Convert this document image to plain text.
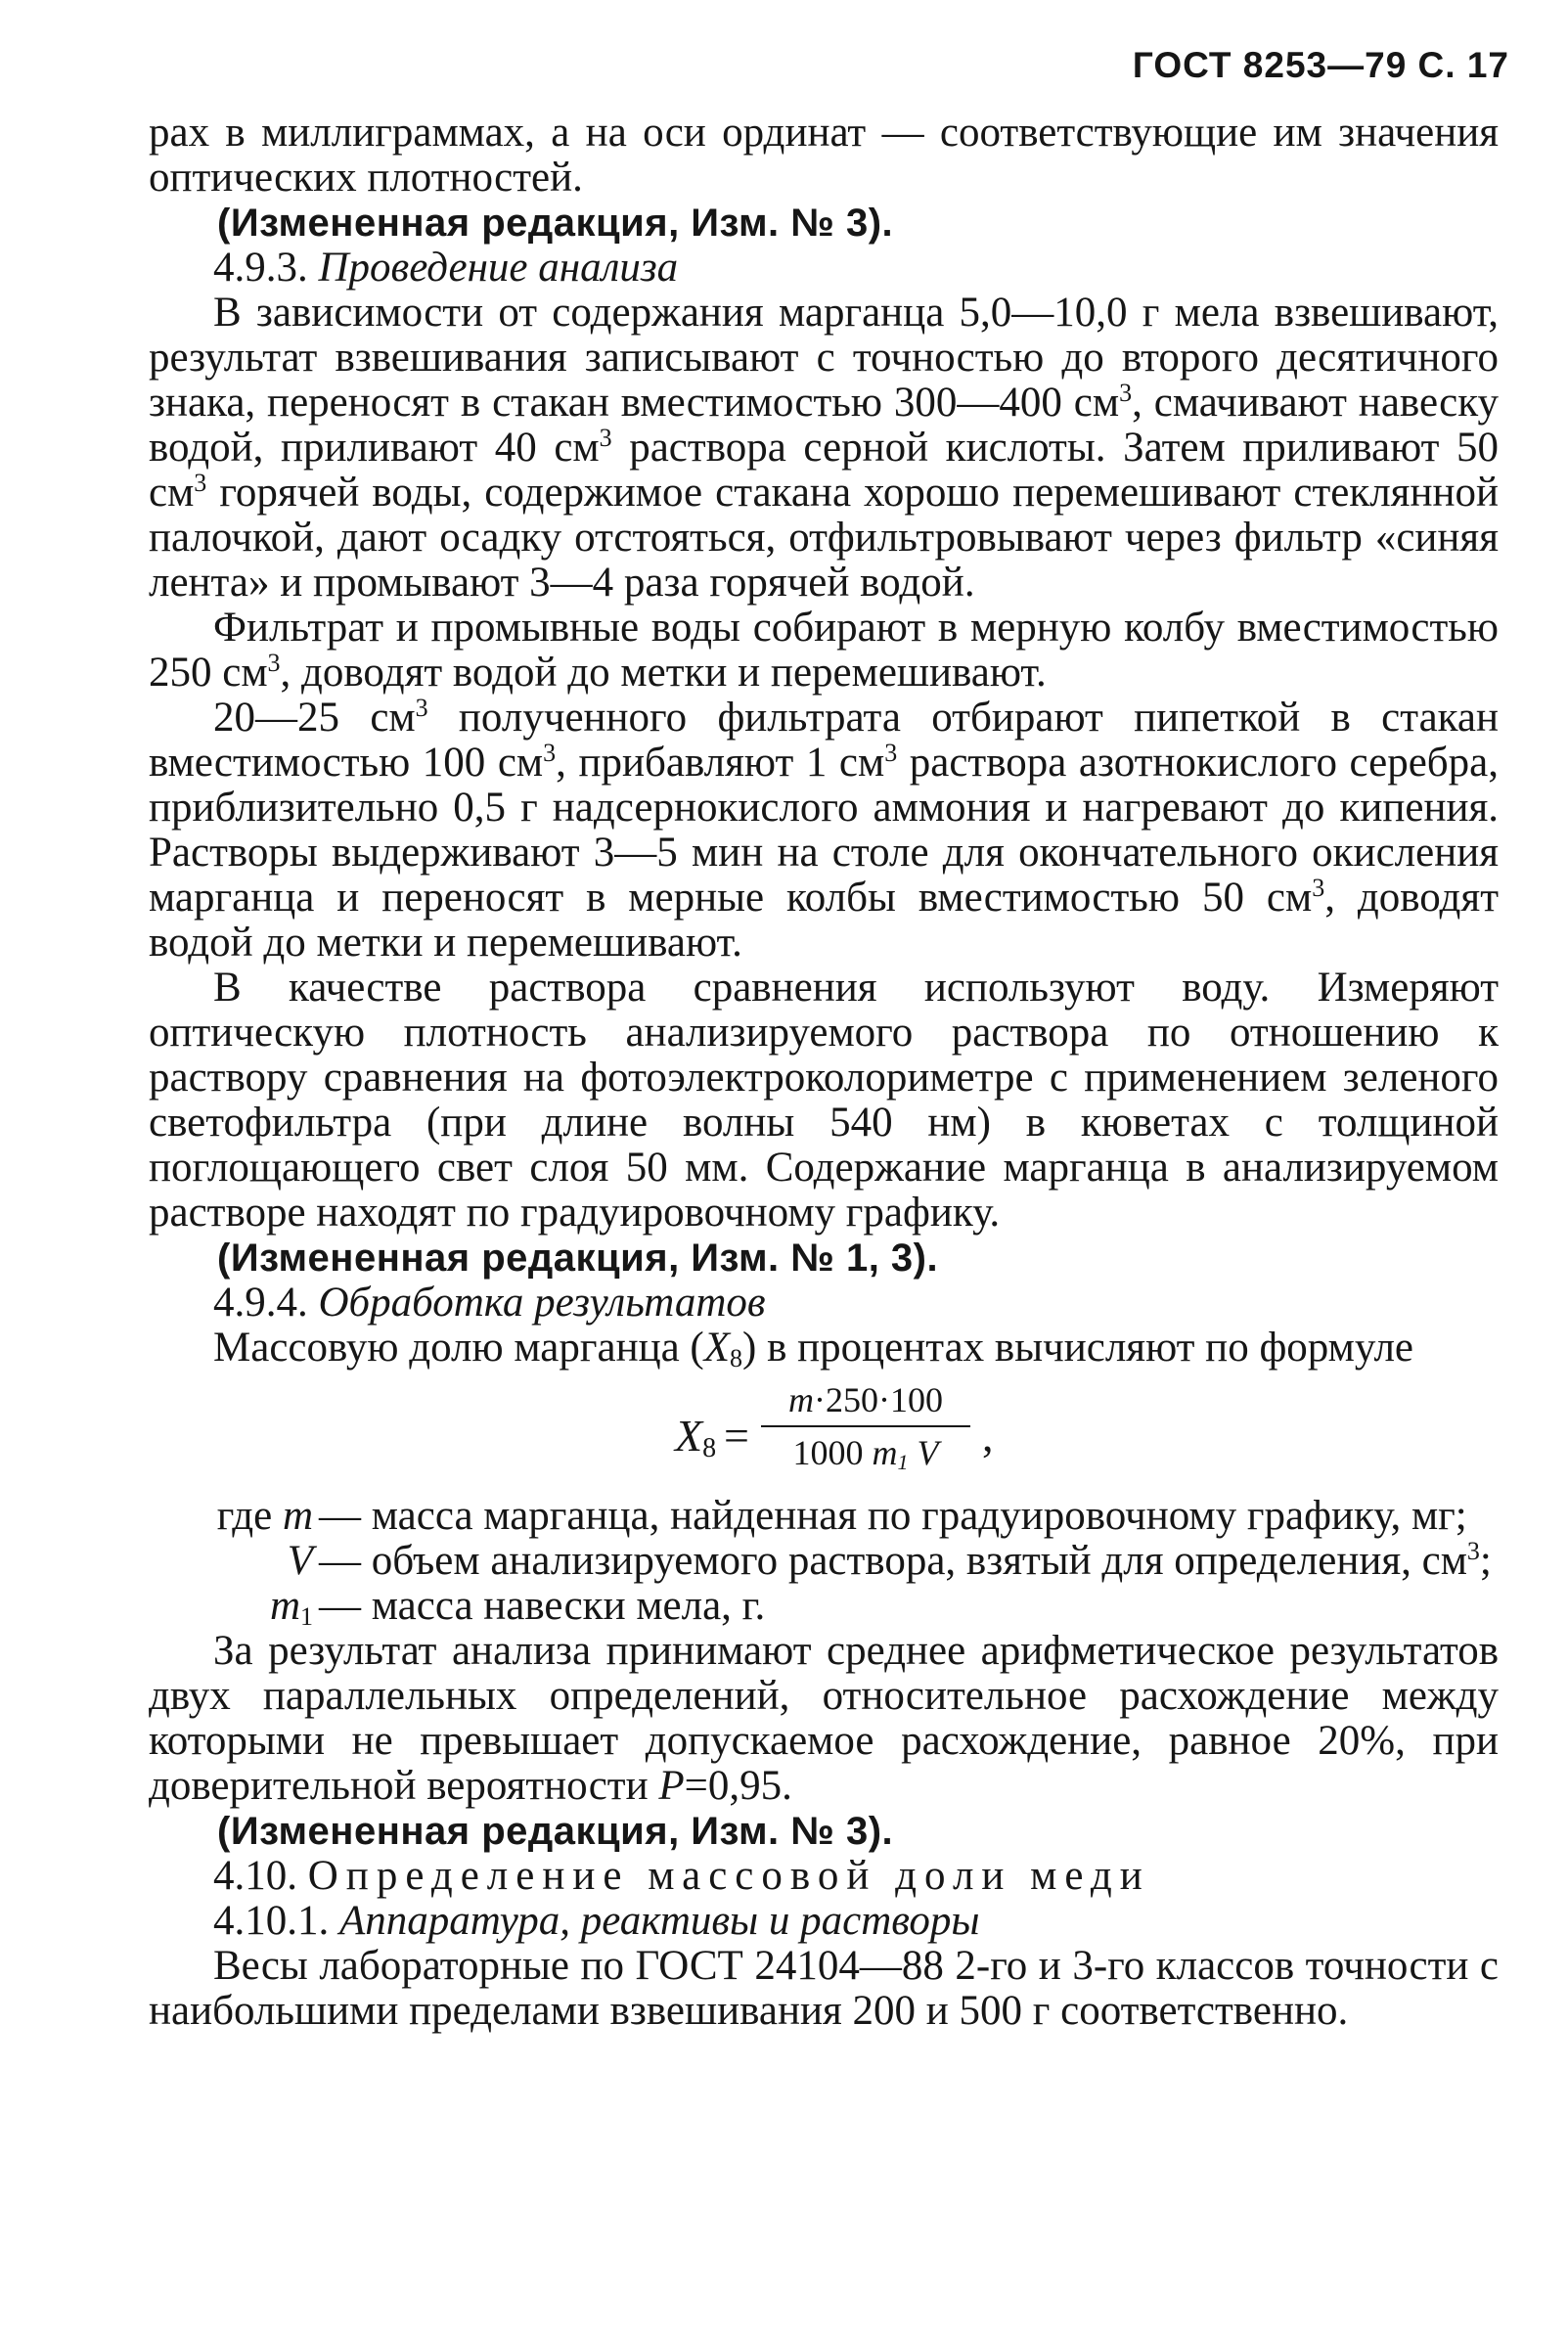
ГОСТ 8253—79 С. 17

рах в миллиграммах, а на оси ординат — соответствующие им значения оптических плотностей.

(Измененная редакция, Изм. № 3).

4.9.3. Проведение анализа

В зависимости от содержания марганца 5,0—10,0 г мела взвешивают, результат взвешивания записывают с точностью до второго десятичного знака, переносят в стакан вместимостью 300—400 $см^3$, смачивают навеску водой, приливают 40 $см^3$ раствора серной кислоты. Затем приливают 50 $см^3$ горячей воды, содержимое стакана хорошо перемешивают стеклянной палочкой, дают осадку отстояться, отфильтровывают через фильтр «синяя лента» и промывают 3—4 раза горячей водой.

Фильтрат и промывные воды собирают в мерную колбу вместимостью 250 $см^3$, доводят водой до метки и перемешивают.

20—25 $см^3$ полученного фильтрата отбирают пипеткой в стакан вместимостью 100 $см^3$, прибавляют 1 $см^3$ раствора азотнокислого серебра, приблизительно 0,5 г надсернокислого аммония и нагревают до кипения. Растворы выдерживают 3—5 мин на столе для окончательного окисления марганца и переносят в мерные колбы вместимостью 50 $см^3$, доводят водой до метки и перемешивают.

В качестве раствора сравнения используют воду. Измеряют оптическую плотность анализируемого раствора по отношению к раствору сравнения на фотоэлектроколориметре с применением зеленого светофильтра (при длине волны 540 нм) в кюветах с толщиной поглощающего свет слоя 50 мм. Содержание марганца в анализируемом растворе находят по градуировочному графику.

(Измененная редакция, Изм. № 1, 3).

4.9.4. Обработка результатов

Массовую долю марганца $(X_8)$ в процентах вычисляют по формуле

$X_8$ =
m·250·100
1000 $m_1$ V ,
где m — масса марганца, найденная по градуировочному графику, мг;
V — объем анализируемого раствора, взятый для определения, $см^3$;
$m_1$ — масса навески мела, г.

За результат анализа принимают среднее арифметическое результатов двух параллельных определений, относительное расхождение между которыми не превышает допускаемое расхождение, равное 20%, при доверительной вероятности P=0,95.

(Измененная редакция, Изм. № 3).

4.10. Определение массовой доли меди

4.10.1. Аппаратура, реактивы и растворы

Весы лабораторные по ГОСТ 24104—88 2-го и 3-го классов точности с наибольшими пределами взвешивания 200 и 500 г соответственно.
